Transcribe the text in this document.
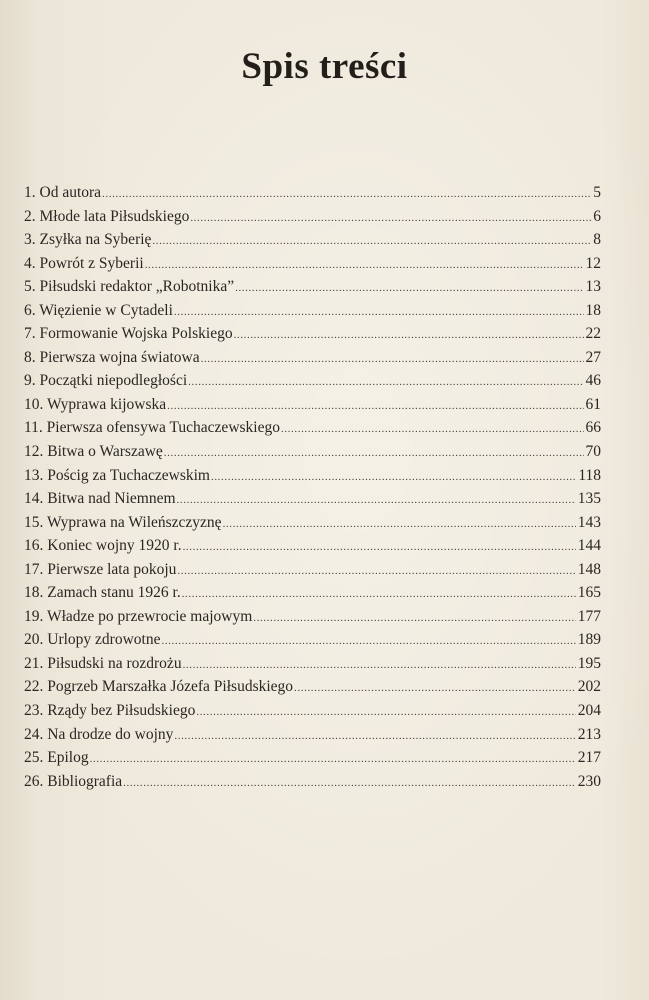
Spis treści
1. Od autora .....	5
2. Młode lata Piłsudskiego .....	6
3. Zsyłka na Syberię .....	8
4. Powrót z Syberii .....	12
5. Piłsudski redaktor „Robotnika” .....	13
6. Więzienie w Cytadeli .....	18
7. Formowanie Wojska Polskiego .....	22
8. Pierwsza wojna światowa .....	27
9. Początki niepodległości .....	46
10. Wyprawa kijowska .....	61
11. Pierwsza ofensywa Tuchaczewskiego .....	66
12. Bitwa o Warszawę .....	70
13. Pościg za Tuchaczewskim .....	118
14. Bitwa nad Niemnem .....	135
15. Wyprawa na Wileńszczyznę .....	143
16. Koniec wojny 1920 r. .....	144
17. Pierwsze lata pokoju .....	148
18. Zamach stanu 1926 r. .....	165
19. Władze po przewrocie majowym .....	177
20. Urlopy zdrowotne .....	189
21. Piłsudski na rozdrożu .....	195
22. Pogrzeb Marszałka Józefa Piłsudskiego .....	202
23. Rządy bez Piłsudskiego .....	204
24. Na drodze do wojny .....	213
25. Epilog .....	217
26. Bibliografia .....	230
